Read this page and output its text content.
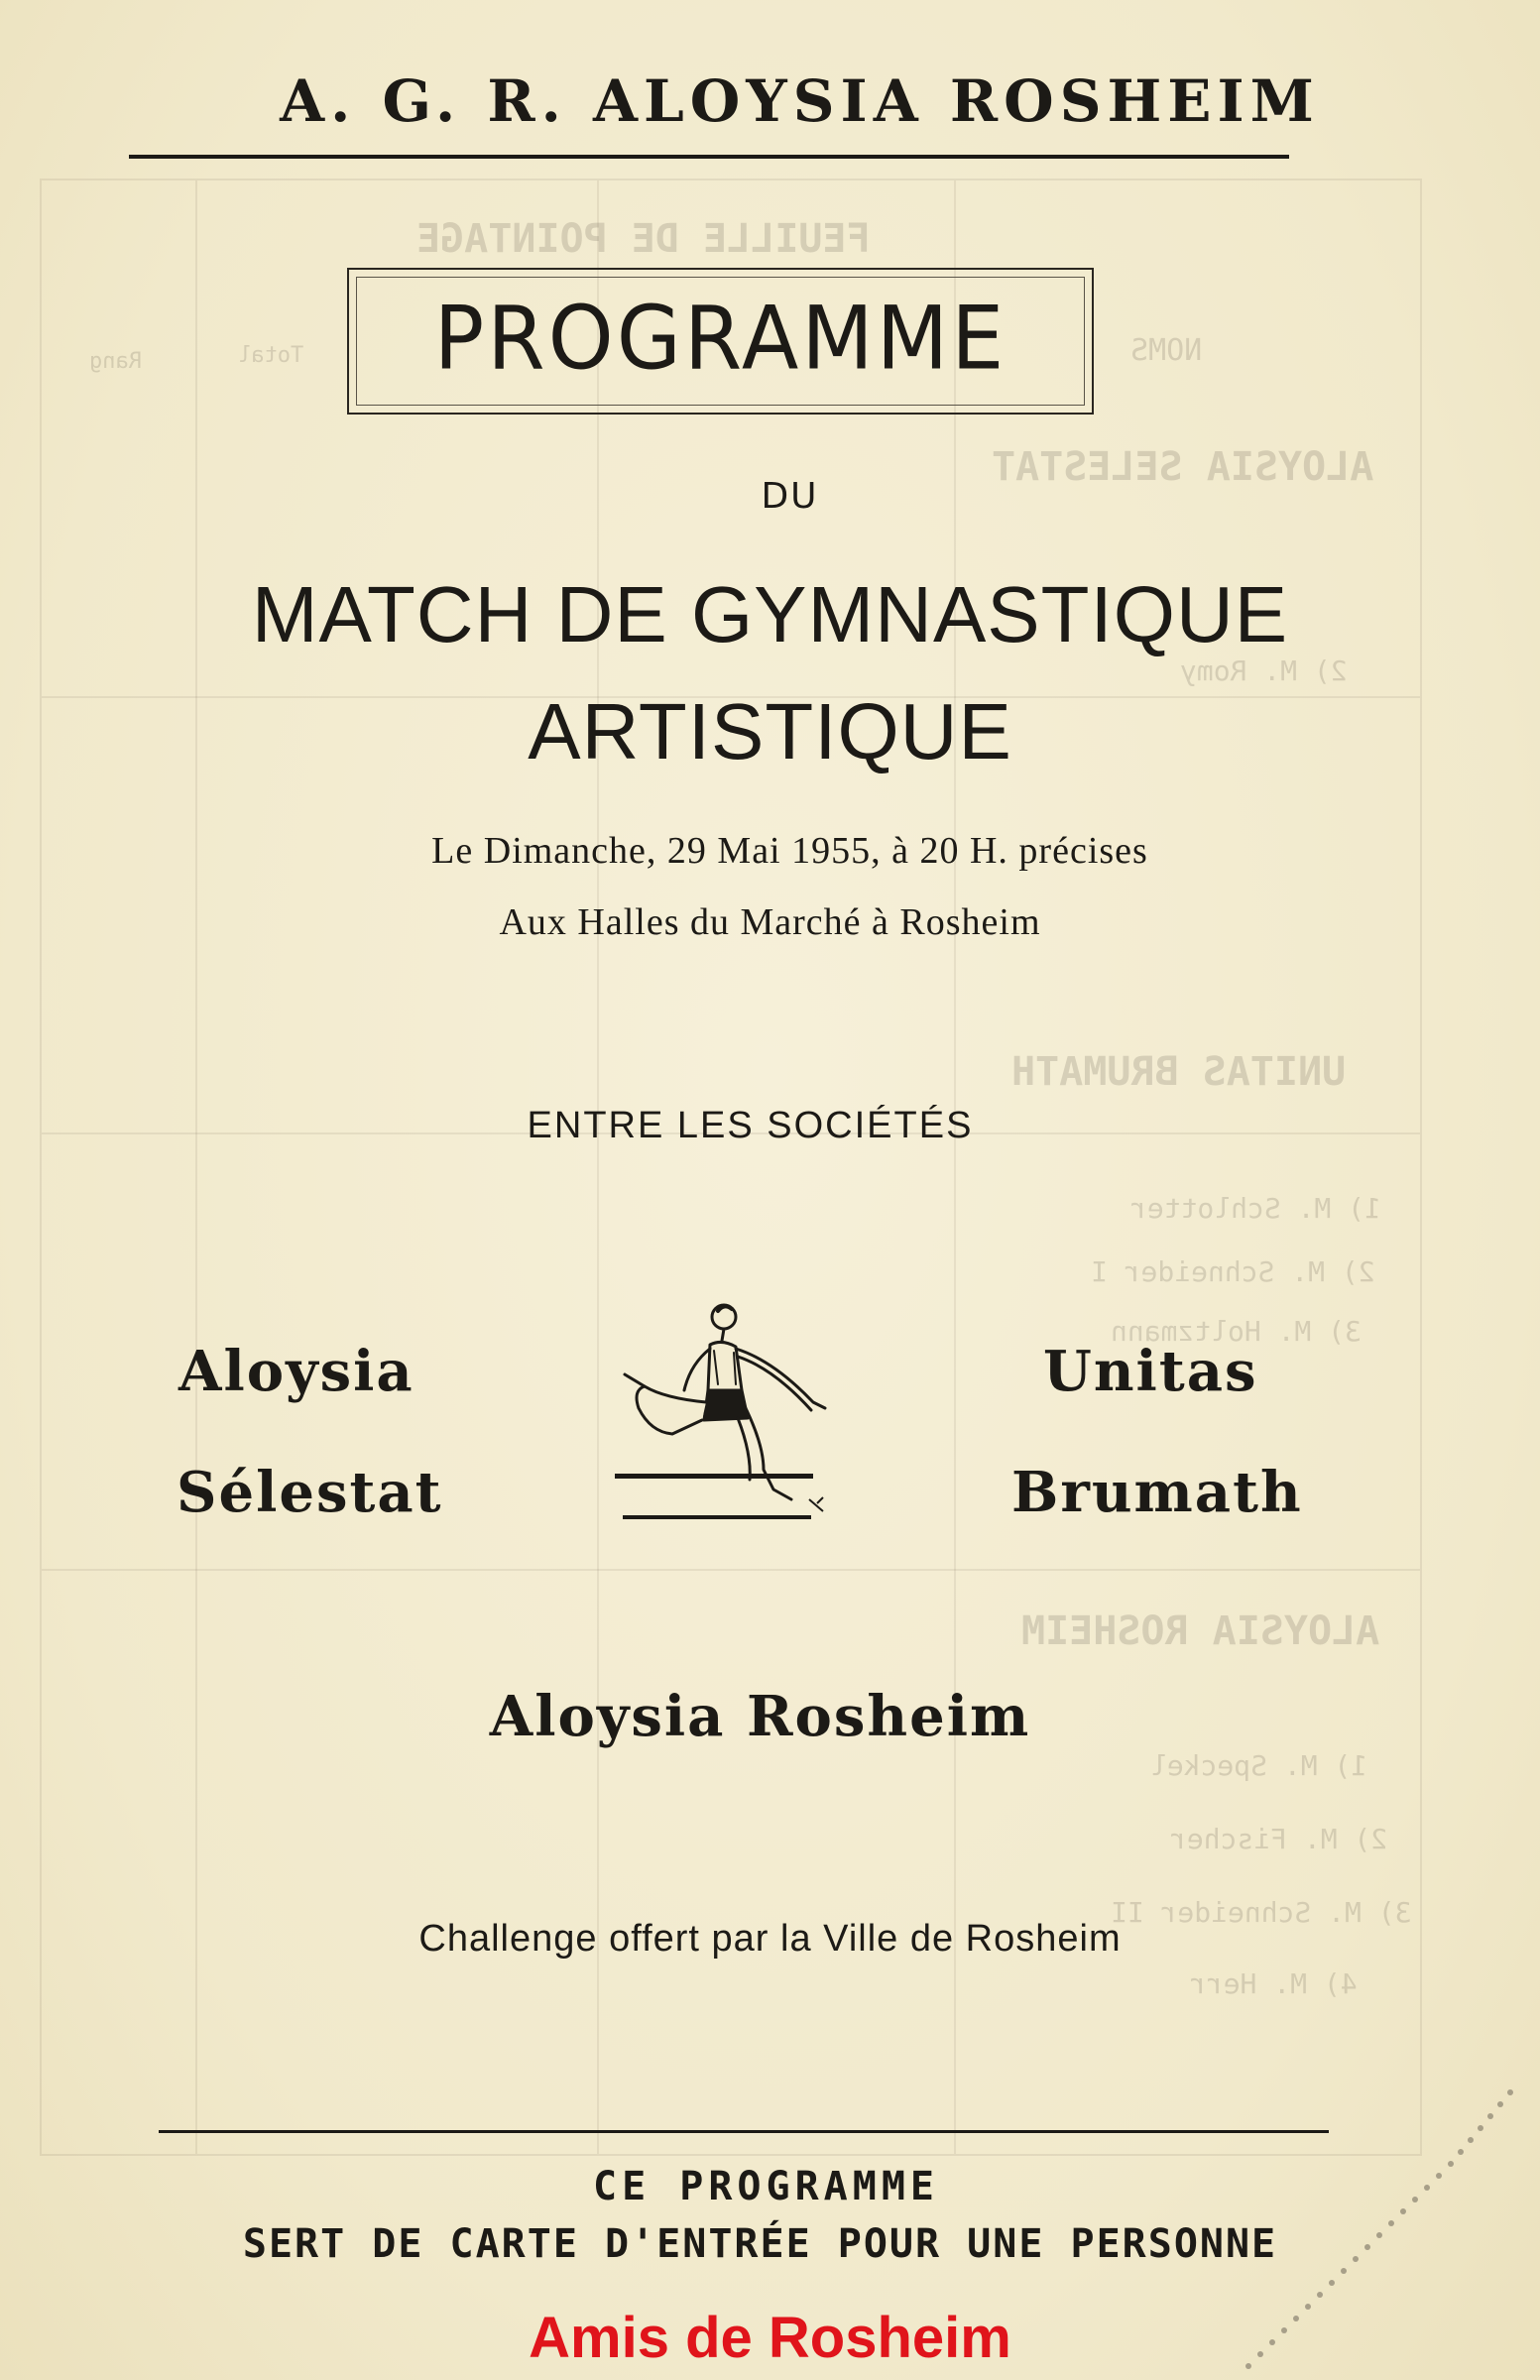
FEUILLE DE POINTAGE
NOMS
Total
Rang
ALOYSIA SELESTAT
2) M. Romy
UNITAS BRUMATH
1) M. Schlotter
2) M. Schneider I
3) M. Holtzmann
ALOYSIA ROSHEIM
1) M. Speckel
2) M. Fischer
3) M. Schneider II
4) M. Herr
A. G. R. ALOYSIA ROSHEIM
PROGRAMME
DU
MATCH DE GYMNASTIQUE
ARTISTIQUE
Le Dimanche, 29 Mai 1955, à 20 H. précises
Aux Halles du Marché à Rosheim
ENTRE LES SOCIÉTÉS
Aloysia
Sélestat
Unitas
Brumath
Aloysia Rosheim
Challenge offert par la Ville de Rosheim
CE PROGRAMME
SERT DE CARTE D'ENTRÉE POUR UNE PERSONNE
Amis de Rosheim
